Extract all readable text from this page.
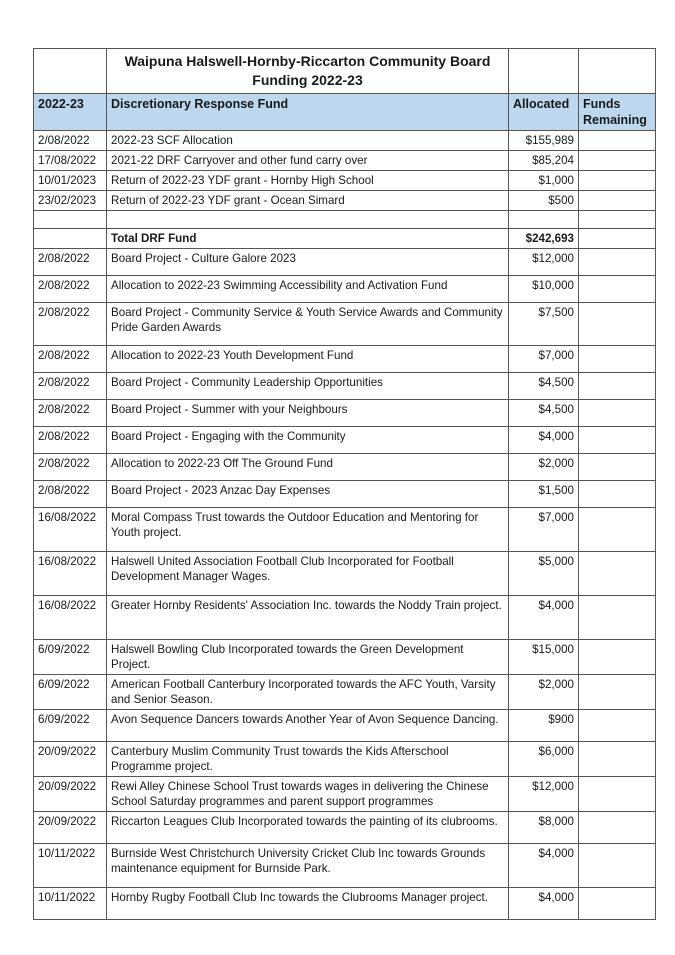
	Waipuna Halswell-Hornby-Riccarton Community Board Funding 2022-23		
2022-23	Discretionary Response Fund	Allocated	Funds Remaining
2/08/2022	2022-23 SCF Allocation	$155,989	
17/08/2022	2021-22 DRF Carryover and other fund carry over	$85,204	
10/01/2023	Return of 2022-23 YDF grant - Hornby High School	$1,000	
23/02/2023	Return of 2022-23 YDF grant - Ocean Simard	$500	

	Total DRF Fund	$242,693	
2/08/2022	Board Project - Culture Galore 2023	$12,000	
2/08/2022	Allocation to 2022-23 Swimming Accessibility and Activation Fund	$10,000	
2/08/2022	Board Project - Community Service & Youth Service Awards and Community Pride Garden Awards	$7,500	
2/08/2022	Allocation to 2022-23 Youth Development Fund	$7,000	
2/08/2022	Board Project - Community Leadership Opportunities	$4,500	
2/08/2022	Board Project - Summer with your Neighbours	$4,500	
2/08/2022	Board Project - Engaging with the Community	$4,000	
2/08/2022	Allocation to 2022-23 Off The Ground Fund	$2,000	
2/08/2022	Board Project - 2023 Anzac Day Expenses	$1,500	
16/08/2022	Moral Compass Trust towards the Outdoor Education and Mentoring for Youth project.	$7,000	
16/08/2022	Halswell United Association Football Club Incorporated for Football Development Manager Wages.	$5,000	
16/08/2022	Greater Hornby Residents' Association Inc. towards the Noddy Train project.	$4,000	
6/09/2022	Halswell Bowling Club Incorporated towards the Green Development Project.	$15,000	
6/09/2022	American Football Canterbury Incorporated towards the AFC Youth, Varsity and Senior Season.	$2,000	
6/09/2022	Avon Sequence Dancers towards Another Year of Avon Sequence Dancing.	$900	
20/09/2022	Canterbury Muslim Community Trust towards the Kids Afterschool Programme project.	$6,000	
20/09/2022	Rewi Alley Chinese School Trust towards wages in delivering the Chinese School Saturday programmes and parent support programmes	$12,000	
20/09/2022	Riccarton Leagues Club Incorporated towards the painting of its clubrooms.	$8,000	
10/11/2022	Burnside West Christchurch University Cricket Club Inc towards Grounds maintenance equipment for Burnside Park.	$4,000	
10/11/2022	Hornby Rugby Football Club Inc towards the Clubrooms Manager project.	$4,000	
